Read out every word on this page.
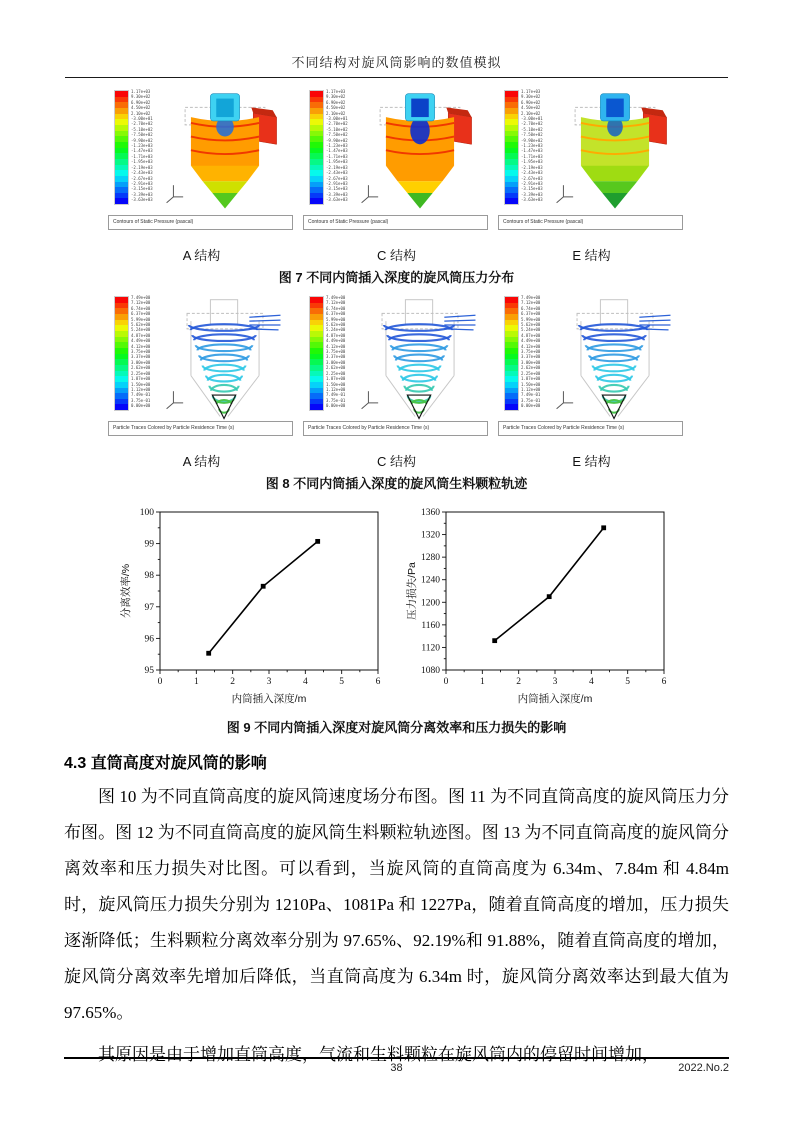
不同结构对旋风筒影响的数值模拟
1.17e+03
9.30e+02
6.90e+02
4.50e+02
2.10e+02
-3.00e+01
-2.70e+02
-5.10e+02
-7.50e+02
-9.90e+02
-1.23e+03
-1.47e+03
-1.71e+03
-1.95e+03
-2.19e+03
-2.43e+03
-2.67e+03
-2.91e+03
-3.15e+03
-3.39e+03
-3.63e+03
Contours of Static Pressure (pascal)
1.17e+03
9.30e+02
6.90e+02
4.50e+02
2.10e+02
-3.00e+01
-2.70e+02
-5.10e+02
-7.50e+02
-9.90e+02
-1.23e+03
-1.47e+03
-1.71e+03
-1.95e+03
-2.19e+03
-2.43e+03
-2.67e+03
-2.91e+03
-3.15e+03
-3.39e+03
-3.63e+03
Contours of Static Pressure (pascal)
1.17e+03
9.30e+02
6.90e+02
4.50e+02
2.10e+02
-3.00e+01
-2.70e+02
-5.10e+02
-7.50e+02
-9.90e+02
-1.23e+03
-1.47e+03
-1.71e+03
-1.95e+03
-2.19e+03
-2.43e+03
-2.67e+03
-2.91e+03
-3.15e+03
-3.39e+03
-3.63e+03
Contours of Static Pressure (pascal)
A 结构	C 结构	E 结构
图 7 不同内筒插入深度的旋风筒压力分布
7.49e+00
7.12e+00
6.74e+00
6.37e+00
5.99e+00
5.62e+00
5.24e+00
4.87e+00
4.49e+00
4.12e+00
3.75e+00
3.37e+00
3.00e+00
2.62e+00
2.25e+00
1.87e+00
1.50e+00
1.12e+00
7.49e-01
3.75e-01
0.00e+00
Particle Traces Colored by Particle Residence Time (s)
7.49e+00
7.12e+00
6.74e+00
6.37e+00
5.99e+00
5.62e+00
5.24e+00
4.87e+00
4.49e+00
4.12e+00
3.75e+00
3.37e+00
3.00e+00
2.62e+00
2.25e+00
1.87e+00
1.50e+00
1.12e+00
7.49e-01
3.75e-01
0.00e+00
Particle Traces Colored by Particle Residence Time (s)
7.49e+00
7.12e+00
6.74e+00
6.37e+00
5.99e+00
5.62e+00
5.24e+00
4.87e+00
4.49e+00
4.12e+00
3.75e+00
3.37e+00
3.00e+00
2.62e+00
2.25e+00
1.87e+00
1.50e+00
1.12e+00
7.49e-01
3.75e-01
0.00e+00
Particle Traces Colored by Particle Residence Time (s)
A 结构	C 结构	E 结构
图 8 不同内筒插入深度的旋风筒生料颗粒轨迹
0	1	2	3	4	5	6
95
96
97
98
99
100
内筒插入深度/m
分离效率/%
0	1	2	3	4	5	6
1080
1120
1160
1200
1240
1280
1320
1360
内筒插入深度/m
压力损失/Pa
图 9 不同内筒插入深度对旋风筒分离效率和压力损失的影响
4.3 直筒高度对旋风筒的影响

图 10 为不同直筒高度的旋风筒速度场分布图。图 11 为不同直筒高度的旋风筒压力分布图。图 12 为不同直筒高度的旋风筒生料颗粒轨迹图。图 13 为不同直筒高度的旋风筒分离效率和压力损失对比图。可以看到，当旋风筒的直筒高度为 6.34m、7.84m 和 4.84m 时，旋风筒压力损失分别为 1210Pa、1081Pa 和 1227Pa，随着直筒高度的增加，压力损失逐渐降低；生料颗粒分离效率分别为 97.65%、92.19%和 91.88%，随着直筒高度的增加，旋风筒分离效率先增加后降低，当直筒高度为 6.34m 时，旋风筒分离效率达到最大值为 97.65%。

其原因是由于增加直筒高度，气流和生料颗粒在旋风筒内的停留时间增加，

38	2022.No.2
